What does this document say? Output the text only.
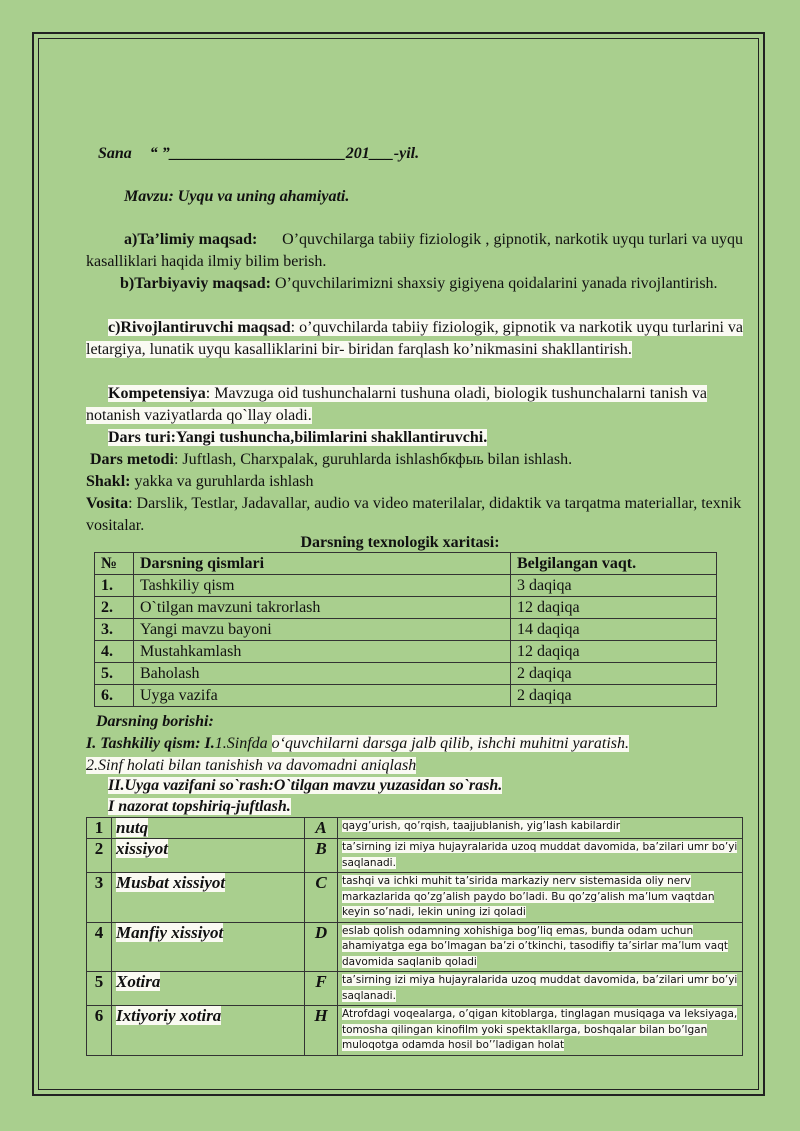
Sana “ ”______________________201___-yil.
Mavzu: Uyqu va uning ahamiyati.
a)Ta’limiy maqsad: O’quvchilarga tabiiy fiziologik , gipnotik, narkotik uyqu turlari va uyqu kasalliklari haqida ilmiy bilim berish.
b)Tarbiyaviy maqsad: O’quvchilarimizni shaxsiy gigiyena qoidalarini yanada rivojlantirish.
c)Rivojlantiruvchi maqsad: o’quvchilarda tabiiy fiziologik, gipnotik va narkotik uyqu turlarini va letargiya, lunatik uyqu kasalliklarini bir- biridan farqlash ko’nikmasini shakllantirish.
Kompetensiya: Mavzuga oid tushunchalarni tushuna oladi, biologik tushunchalarni tanish va notanish vaziyatlarda qo`llay oladi.
Dars turi:Yangi tushuncha,bilimlarini shakllantiruvchi.
Dars metodi: Juftlash, Charxpalak, guruhlarda ishlashбкфыь bilan ishlash.
Shakl: yakka va guruhlarda ishlash
Vosita: Darslik, Testlar, Jadavallar, audio va video materilalar, didaktik va tarqatma materiallar, texnik vositalar.
Darsning texnologik xaritasi:
№	Darsning qismlari	Belgilangan vaqt.
1.	Tashkiliy qism	3 daqiqa
2.	O`tilgan mavzuni takrorlash	12 daqiqa
3.	Yangi mavzu bayoni	14 daqiqa
4.	Mustahkamlash	12 daqiqa
5.	Baholash	2 daqiqa
6.	Uyga vazifa	2 daqiqa
Darsning borishi:
I. Tashkiliy qism: I.1.Sinfda o‘quvchilarni darsga jalb qilib, ishchi muhitni yaratish.
2.Sinf holati bilan tanishish va davomadni aniqlash
II.Uyga vazifani so`rash:O`tilgan mavzu yuzasidan so`rash.
I nazorat topshiriq-juftlash.
1	nutq	A	qayg’urish, qo’rqish, taajjublanish, yig’lash kabilardir
2	xissiyot	B	ta’sirning izi miya hujayralarida uzoq muddat davomida, ba’zilari umr bo’yi saqlanadi.
3	Musbat xissiyot	C	tashqi va ichki muhit ta’sirida markaziy nerv sistemasida oliy nerv markazlarida qo’zg’alish paydo bo’ladi. Bu qo’zg’alish ma’lum vaqtdan keyin so’nadi, lekin uning izi qoladi
4	Manfiy xissiyot	D	eslab qolish odamning xohishiga bog’liq emas, bunda odam uchun ahamiyatga ega bo’lmagan ba’zi o’tkinchi, tasodifiy ta’sirlar ma’lum vaqt davomida saqlanib qoladi
5	Xotira	F	ta’sirning izi miya hujayralarida uzoq muddat davomida, ba’zilari umr bo’yi saqlanadi.
6	Ixtiyoriy xotira	H	Atrofdagi voqealarga, o’qigan kitoblarga, tinglagan musiqaga va leksiyaga, tomosha qilingan kinofilm yoki spektakllarga, boshqalar bilan bo’lgan muloqotga odamda hosil bo’’ladigan holat
